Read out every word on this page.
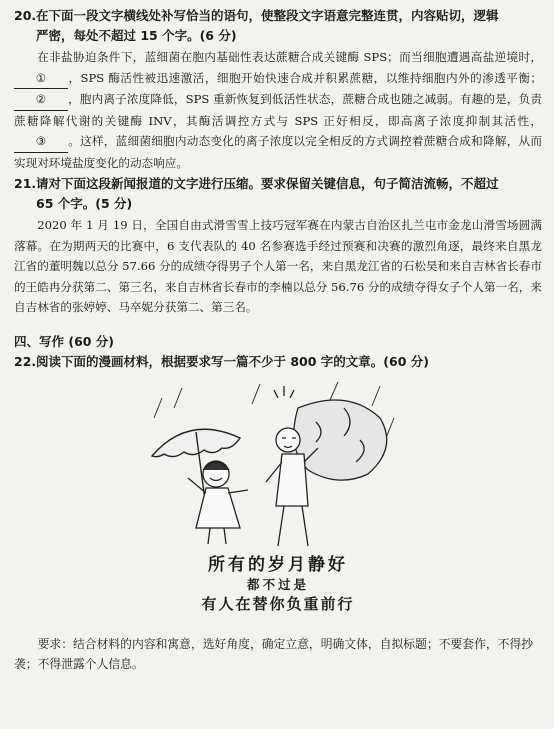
20.在下面一段文字横线处补写恰当的语句，使整段文字语意完整连贯，内容贴切，逻辑
严密，每处不超过 15 个字。(6 分)
在非盐胁迫条件下，蓝细菌在胞内基础性表达蔗糖合成关键酶 SPS；而当细胞遭遇高盐逆境时，① ，SPS 酶活性被迅速激活，细胞开始快速合成并积累蔗糖，以维持细胞内外的渗透平衡；② ，胞内离子浓度降低，SPS 重新恢复到低活性状态，蔗糖合成也随之减弱。有趣的是，负责蔗糖降解代谢的关键酶 INV，其酶活调控方式与 SPS 正好相反，即高离子浓度抑制其活性，③ 。这样，蓝细菌细胞内动态变化的离子浓度以完全相反的方式调控着蔗糖合成和降解，从而实现对环境盐度变化的动态响应。
21.请对下面这段新闻报道的文字进行压缩。要求保留关键信息，句子简洁流畅，不超过
65 个字。(5 分)
2020 年 1 月 19 日，全国自由式滑雪雪上技巧冠军赛在内蒙古自治区扎兰屯市金龙山滑雪场圆满落幕。在为期两天的比赛中，6 支代表队的 40 名参赛选手经过预赛和决赛的激烈角逐，最终来自黑龙江省的董明魏以总分 57.66 分的成绩夺得男子个人第一名，来自黑龙江省的石松昊和来自吉林省长春市的王皓冉分获第二、第三名，来自吉林省长春市的李楠以总分 56.76 分的成绩夺得女子个人第一名，来自吉林省的张婷婷、马卒妮分获第二、第三名。
四、写作 (60 分)
22.阅读下面的漫画材料，根据要求写一篇不少于 800 字的文章。(60 分)
所有的岁月静好
都不过是
有人在替你负重前行
要求：结合材料的内容和寓意，选好角度，确定立意，明确文体，自拟标题；不要套作，不得抄袭；不得泄露个人信息。
